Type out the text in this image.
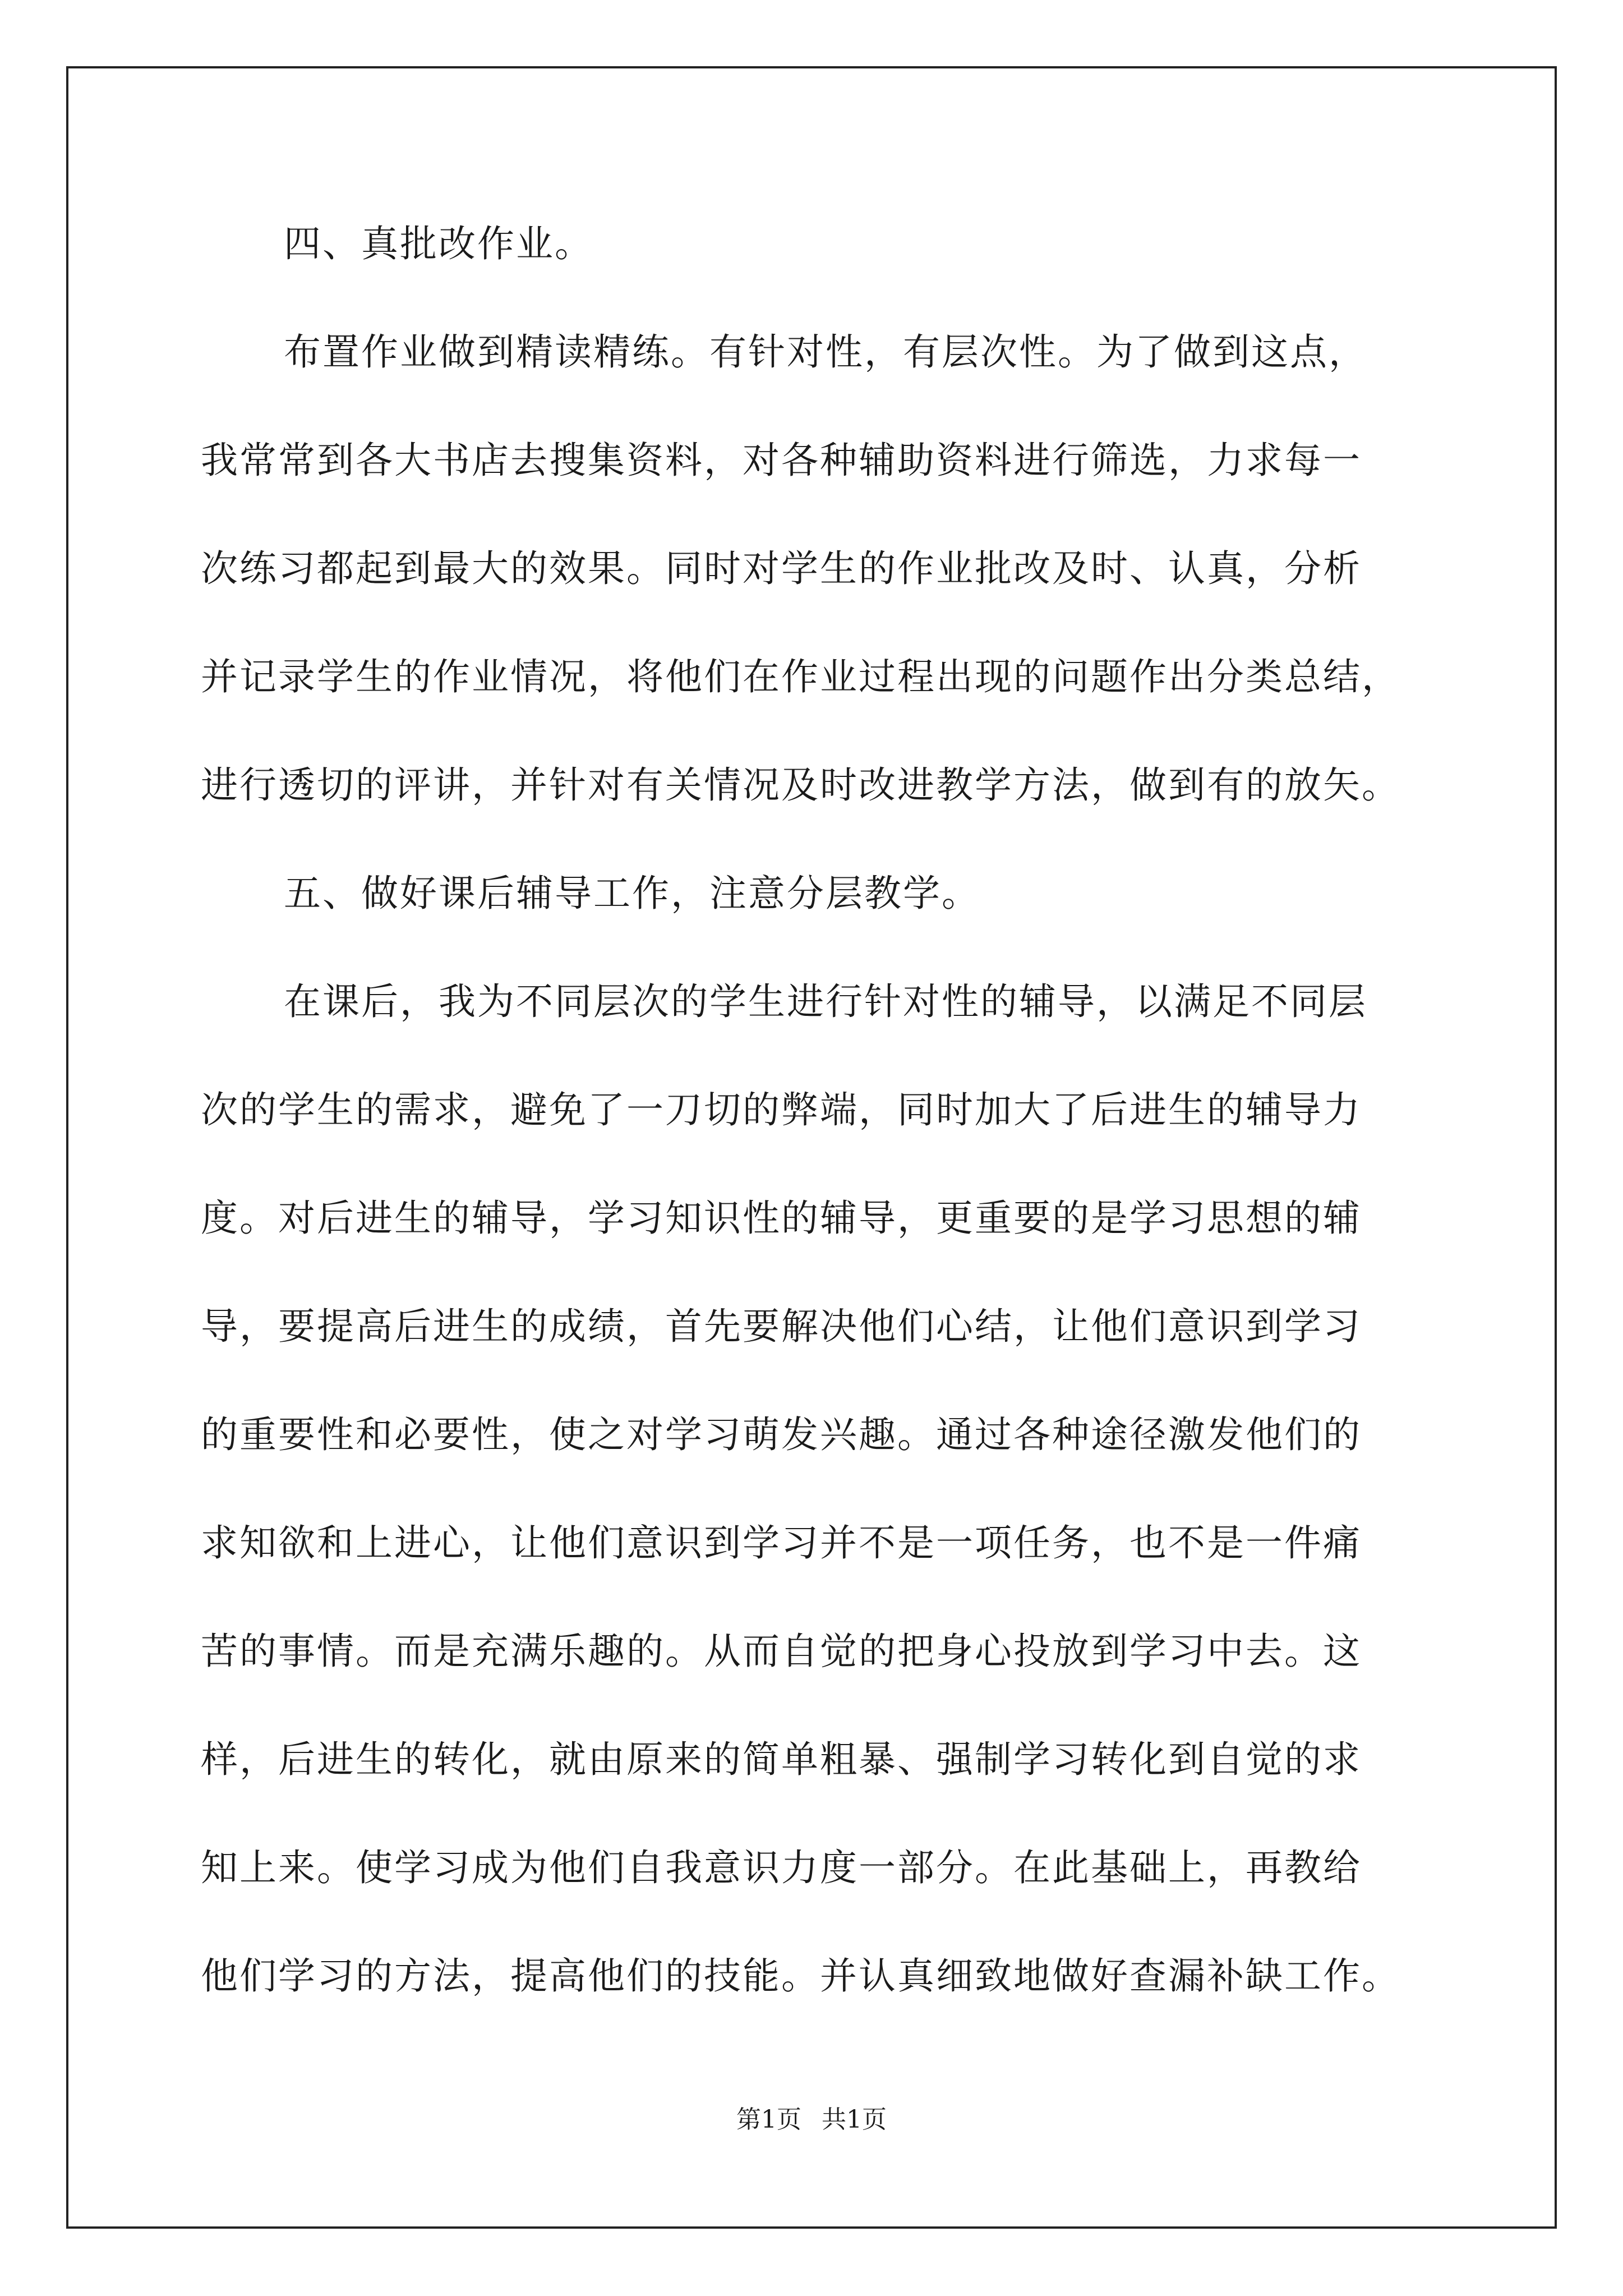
四、真批改作业。
布置作业做到精读精练。有针对性，有层次性。为了做到这点，
我常常到各大书店去搜集资料，对各种辅助资料进行筛选，力求每一
次练习都起到最大的效果。同时对学生的作业批改及时、认真，分析
并记录学生的作业情况，将他们在作业过程出现的问题作出分类总结，
进行透切的评讲，并针对有关情况及时改进教学方法，做到有的放矢。
五、做好课后辅导工作，注意分层教学。
在课后，我为不同层次的学生进行针对性的辅导，以满足不同层
次的学生的需求，避免了一刀切的弊端，同时加大了后进生的辅导力
度。对后进生的辅导，学习知识性的辅导，更重要的是学习思想的辅
导，要提高后进生的成绩，首先要解决他们心结，让他们意识到学习
的重要性和必要性，使之对学习萌发兴趣。通过各种途径激发他们的
求知欲和上进心，让他们意识到学习并不是一项任务，也不是一件痛
苦的事情。而是充满乐趣的。从而自觉的把身心投放到学习中去。这
样，后进生的转化，就由原来的简单粗暴、强制学习转化到自觉的求
知上来。使学习成为他们自我意识力度一部分。在此基础上，再教给
他们学习的方法，提高他们的技能。并认真细致地做好查漏补缺工作。
第1页 共1页
